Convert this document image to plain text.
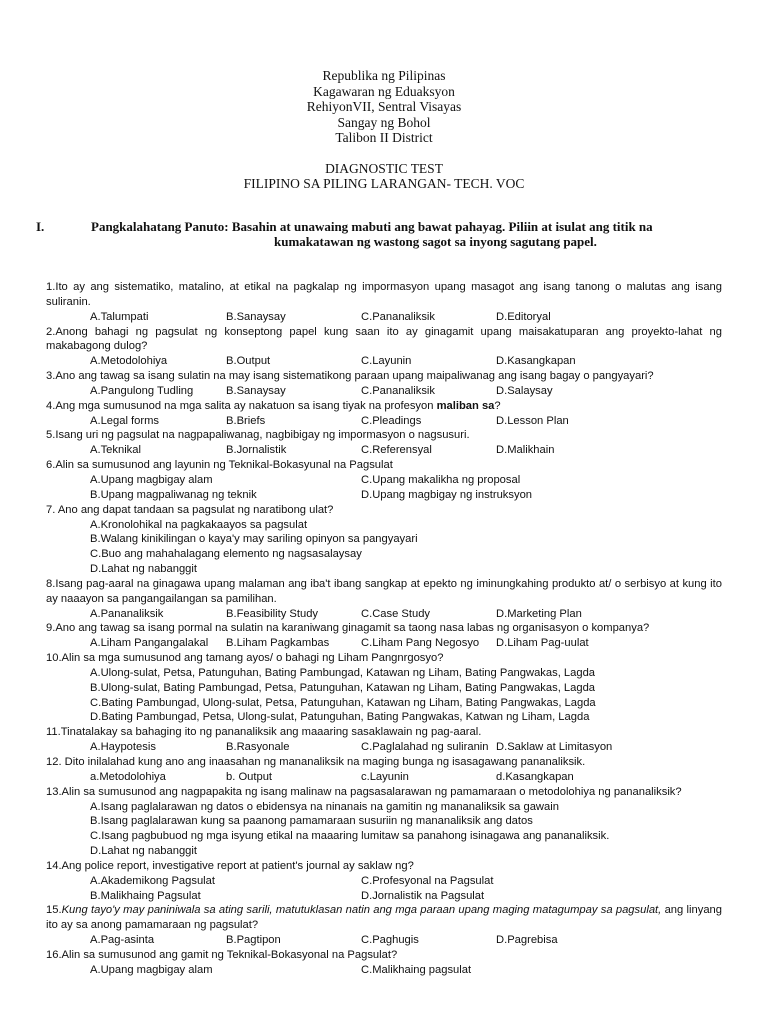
Republika ng Pilipinas
Kagawaran ng Eduaksyon
RehiyonVII, Sentral Visayas
Sangay ng Bohol
Talibon II District
DIAGNOSTIC TEST
FILIPINO SA PILING LARANGAN- TECH. VOC
I.	Pangkalahatang Panuto: Basahin at unawaing mabuti ang bawat pahayag. Piliin at isulat ang titik na
kumakatawan ng wastong sagot sa inyong sagutang papel.
1.Ito ay ang sistematiko, matalino, at etikal na pagkalap ng impormasyon upang masagot ang isang tanong o malutas ang isang suliranin.
A.Talumpati	B.Sanaysay	C.Pananaliksik	D.Editoryal
2.Anong bahagi ng pagsulat ng konseptong papel kung saan ito ay ginagamit upang maisakatuparan ang proyekto-lahat ng makabagong dulog?
A.Metodolohiya	B.Output	C.Layunin	D.Kasangkapan
3.Ano ang tawag sa isang sulatin na may isang sistematikong paraan upang maipaliwanag ang isang bagay o pangyayari?
A.Pangulong Tudling	B.Sanaysay	C.Pananaliksik	D.Salaysay
4.Ang mga sumusunod na mga salita ay nakatuon sa isang tiyak na profesyon maliban sa?
A.Legal forms	B.Briefs	C.Pleadings	D.Lesson Plan
5.Isang uri ng pagsulat na nagpapaliwanag, nagbibigay ng impormasyon o nagsusuri.
A.Teknikal	B.Jornalistik	C.Referensyal	D.Malikhain
6.Alin sa sumusunod ang layunin ng Teknikal-Bokasyunal na Pagsulat
A.Upang magbigay alam	C.Upang makalikha ng proposal
B.Upang magpaliwanag ng teknik	D.Upang magbigay ng instruksyon
7. Ano ang dapat tandaan sa pagsulat ng naratibong ulat?
A.Kronolohikal na pagkakaayos sa pagsulat
B.Walang kinikilingan o kaya'y may sariling opinyon sa pangyayari
C.Buo ang mahahalagang elemento ng nagsasalaysay
D.Lahat ng nabanggit
8.Isang pag-aaral na ginagawa upang malaman ang iba't ibang sangkap at epekto ng iminungkahing produkto at/ o serbisyo at kung ito ay naaayon sa pangangailangan sa pamilihan.
A.Pananaliksik	B.Feasibility Study	C.Case Study	D.Marketing Plan
9.Ano ang tawag sa isang pormal na sulatin na karaniwang ginagamit sa taong nasa labas ng organisasyon o kompanya?
A.Liham Pangangalakal B.Liham Pagkambas	C.Liham Pang Negosyo D.Liham Pag-uulat
10.Alin sa mga sumusunod ang tamang ayos/ o bahagi ng Liham Pangnrgosyo?
A.Ulong-sulat, Petsa, Patunguhan, Bating Pambungad, Katawan ng Liham, Bating Pangwakas, Lagda
B.Ulong-sulat, Bating Pambungad, Petsa, Patunguhan, Katawan ng Liham, Bating Pangwakas, Lagda
C.Bating Pambungad, Ulong-sulat, Petsa, Patunguhan, Katawan ng Liham, Bating Pangwakas, Lagda
D.Bating Pambungad, Petsa, Ulong-sulat, Patunguhan, Bating Pangwakas, Katwan ng Liham, Lagda
11.Tinatalakay sa bahaging ito ng pananaliksik ang maaaring sasaklawain ng pag-aaral.
A.Haypotesis	B.Rasyonale	C.Paglalahad ng suliranin D.Saklaw at Limitasyon
12. Dito inilalahad kung ano ang inaasahan ng mananaliksik na maging bunga ng isasagawang pananaliksik.
a.Metodolohiya	b. Output	c.Layunin	d.Kasangkapan
13.Alin sa sumusunod ang nagpapakita ng isang malinaw na pagsasalarawan ng pamamaraan o metodolohiya ng pananaliksik?
A.Isang paglalarawan ng datos o ebidensya na ninanais na gamitin ng mananaliksik sa gawain
B.Isang paglalarawan kung sa paanong pamamaraan susuriin ng mananaliksik ang datos
C.Isang pagbubuod ng mga isyung etikal na maaaring lumitaw sa panahong isinagawa ang pananaliksik.
D.Lahat ng nabanggit
14.Ang police report, investigative report at patient's journal ay saklaw ng?
A.Akademikong Pagsulat	C.Profesyonal na Pagsulat
B.Malikhaing Pagsulat	D.Jornalistik na Pagsulat
15.Kung tayo'y may paniniwala sa ating sarili, matutuklasan natin ang mga paraan upang maging matagumpay sa pagsulat, ang linyang ito ay sa anong pamamaraan ng pagsulat?
A.Pag-asinta	B.Pagtipon	C.Paghugis	D.Pagrebisa
16.Alin sa sumusunod ang gamit ng Teknikal-Bokasyonal na Pagsulat?
A.Upang magbigay alam	C.Malikhaing pagsulat
